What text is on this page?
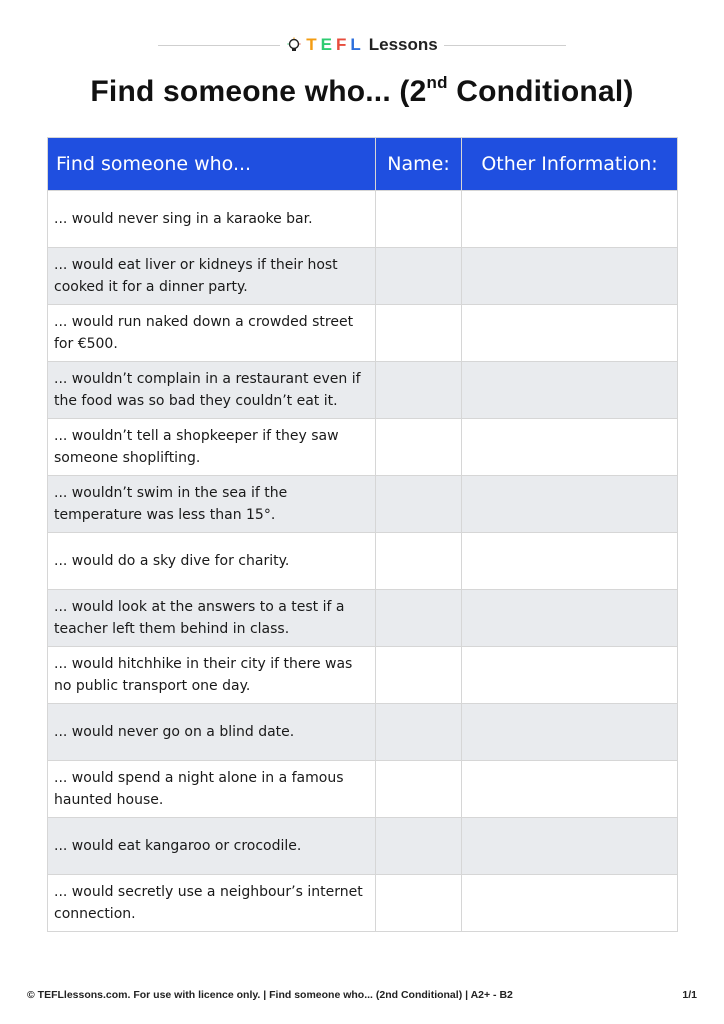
T E F L Lessons
Find someone who... (2nd Conditional)
Find someone who...	Name:	Other Information:
... would never sing in a karaoke bar.		
... would eat liver or kidneys if their host cooked it for a dinner party.		
... would run naked down a crowded street for €500.		
... wouldn’t complain in a restaurant even if the food was so bad they couldn’t eat it.		
... wouldn’t tell a shopkeeper if they saw someone shoplifting.		
... wouldn’t swim in the sea if the temperature was less than 15°.		
... would do a sky dive for charity.		
... would look at the answers to a test if a teacher left them behind in class.		
... would hitchhike in their city if there was no public transport one day.		
... would never go on a blind date.		
... would spend a night alone in a famous haunted house.		
... would eat kangaroo or crocodile.		
... would secretly use a neighbour’s internet connection.		
© TEFLlessons.com. For use with licence only. | Find someone who... (2nd Conditional) | A2+ - B2	1/1
